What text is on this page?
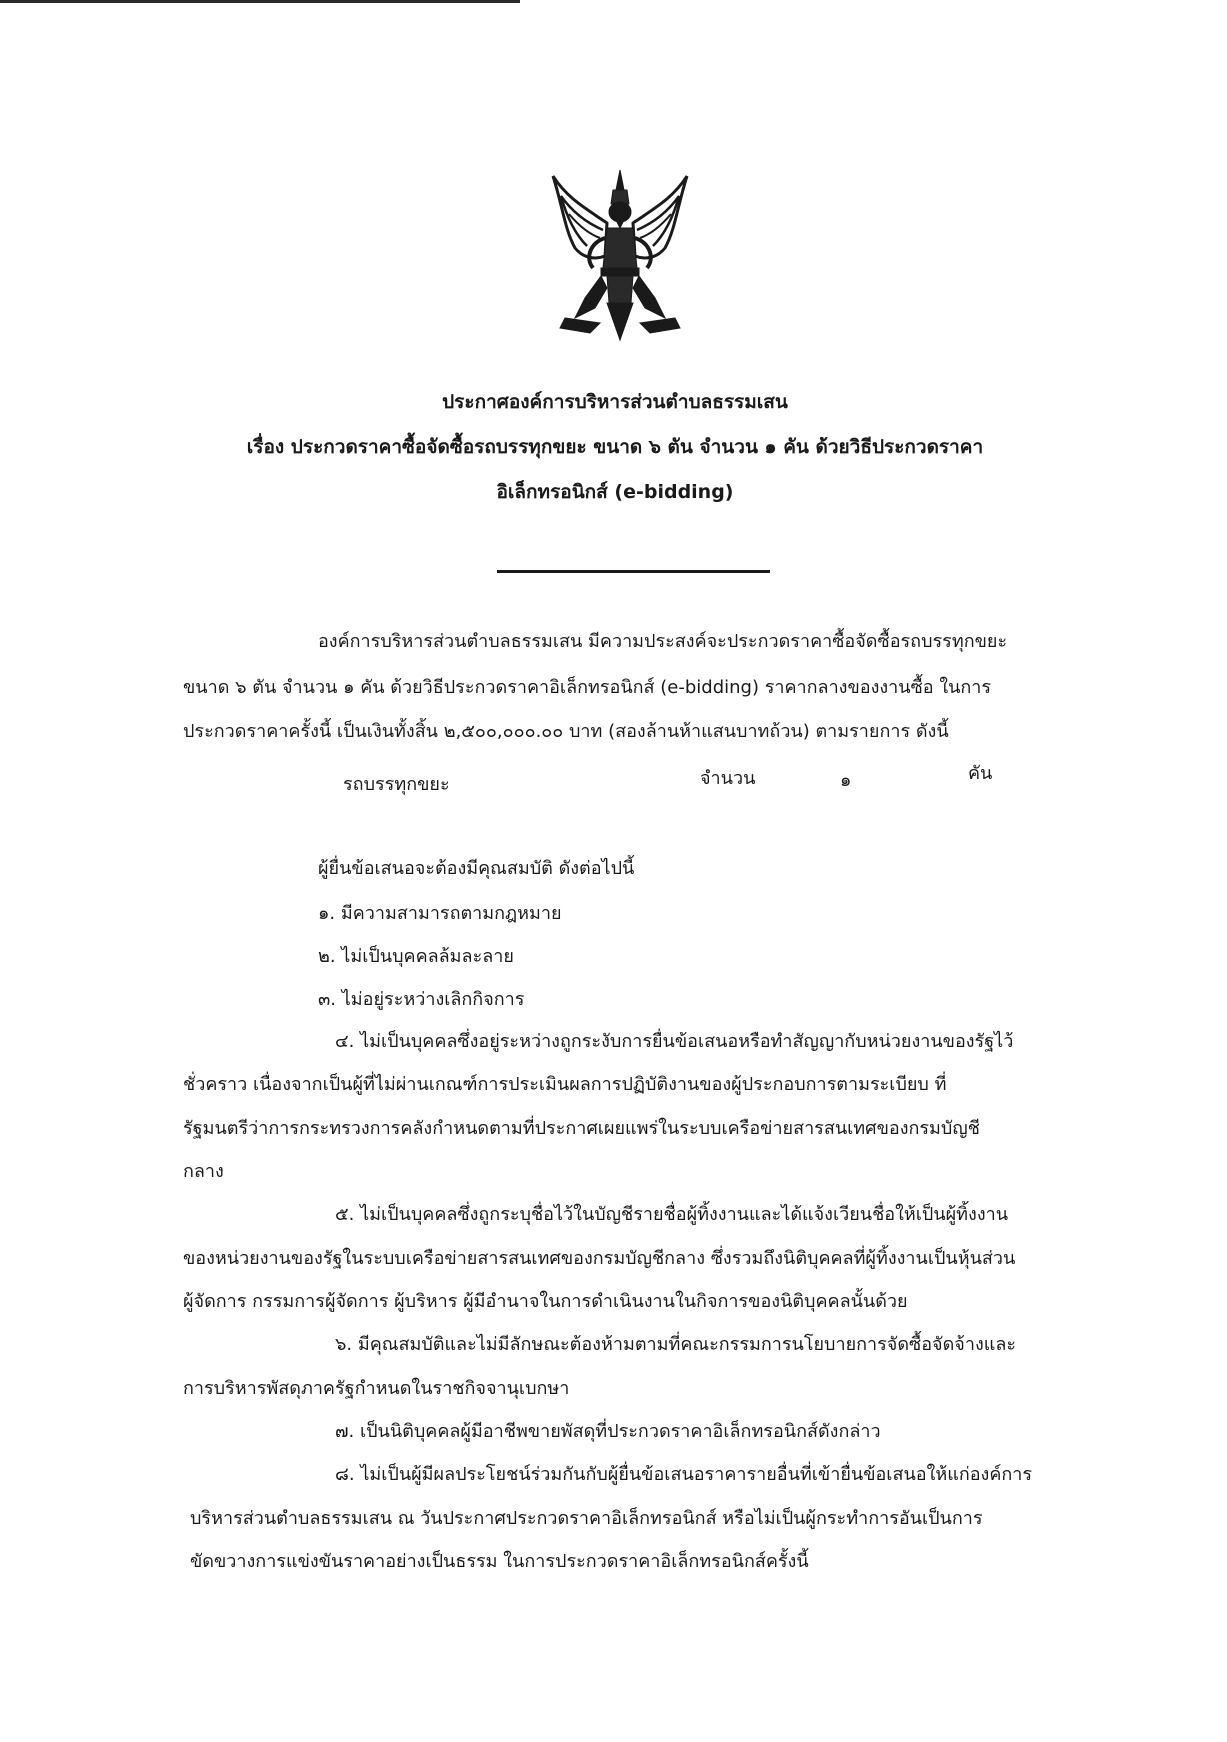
ประกาศองค์การบริหารส่วนตำบลธรรมเสน
เรื่อง ประกวดราคาซื้อจัดซื้อรถบรรทุกขยะ ขนาด ๖ ตัน จำนวน ๑ คัน ด้วยวิธีประกวดราคา
อิเล็กทรอนิกส์ (e-bidding)
องค์การบริหารส่วนตำบลธรรมเสน มีความประสงค์จะประกวดราคาซื้อจัดซื้อรถบรรทุกขยะ
ขนาด ๖ ตัน จำนวน ๑ คัน ด้วยวิธีประกวดราคาอิเล็กทรอนิกส์ (e-bidding) ราคากลางของงานซื้อ ในการ
ประกวดราคาครั้งนี้ เป็นเงินทั้งสิ้น ๒,๕๐๐,๐๐๐.๐๐ บาท (สองล้านห้าแสนบาทถ้วน) ตามรายการ ดังนี้
รถบรรทุกขยะ	จำนวน	๑	คัน
ผู้ยื่นข้อเสนอจะต้องมีคุณสมบัติ ดังต่อไปนี้
๑. มีความสามารถตามกฎหมาย
๒. ไม่เป็นบุคคลล้มละลาย
๓. ไม่อยู่ระหว่างเลิกกิจการ
๔. ไม่เป็นบุคคลซึ่งอยู่ระหว่างถูกระงับการยื่นข้อเสนอหรือทำสัญญากับหน่วยงานของรัฐไว้
ชั่วคราว เนื่องจากเป็นผู้ที่ไม่ผ่านเกณฑ์การประเมินผลการปฏิบัติงานของผู้ประกอบการตามระเบียบ ที่
รัฐมนตรีว่าการกระทรวงการคลังกำหนดตามที่ประกาศเผยแพร่ในระบบเครือข่ายสารสนเทศของกรมบัญชี
กลาง
๕. ไม่เป็นบุคคลซึ่งถูกระบุชื่อไว้ในบัญชีรายชื่อผู้ทิ้งงานและได้แจ้งเวียนชื่อให้เป็นผู้ทิ้งงาน
ของหน่วยงานของรัฐในระบบเครือข่ายสารสนเทศของกรมบัญชีกลาง ซึ่งรวมถึงนิติบุคคลที่ผู้ทิ้งงานเป็นหุ้นส่วน
ผู้จัดการ กรรมการผู้จัดการ ผู้บริหาร ผู้มีอำนาจในการดำเนินงานในกิจการของนิติบุคคลนั้นด้วย
๖. มีคุณสมบัติและไม่มีลักษณะต้องห้ามตามที่คณะกรรมการนโยบายการจัดซื้อจัดจ้างและ
การบริหารพัสดุภาครัฐกำหนดในราชกิจจานุเบกษา
๗. เป็นนิติบุคคลผู้มีอาชีพขายพัสดุที่ประกวดราคาอิเล็กทรอนิกส์ดังกล่าว
๘. ไม่เป็นผู้มีผลประโยชน์ร่วมกันกับผู้ยื่นข้อเสนอราคารายอื่นที่เข้ายื่นข้อเสนอให้แก่องค์การ
บริหารส่วนตำบลธรรมเสน ณ วันประกาศประกวดราคาอิเล็กทรอนิกส์ หรือไม่เป็นผู้กระทำการอันเป็นการ
ขัดขวางการแข่งขันราคาอย่างเป็นธรรม ในการประกวดราคาอิเล็กทรอนิกส์ครั้งนี้
